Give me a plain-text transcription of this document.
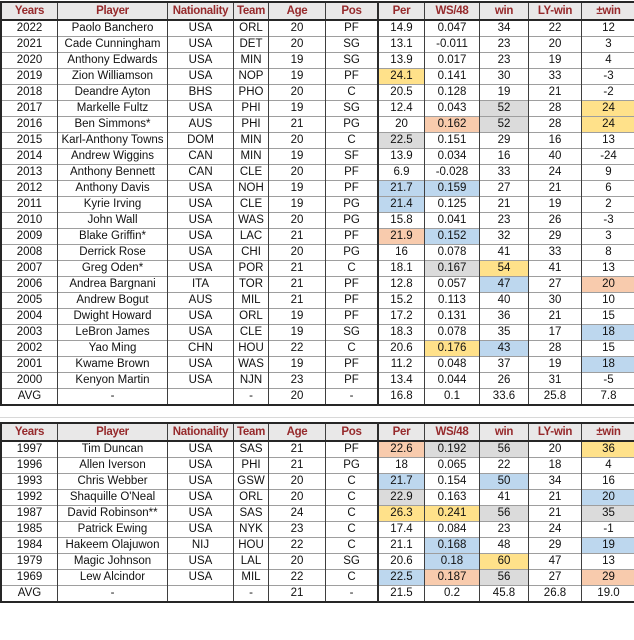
Years	Player	Nationality	Team	Age	Pos	Per	WS/48	win	LY-win	±win
2022	Paolo Banchero	USA	ORL	20	PF	14.9	0.047	34	22	12
2021	Cade Cunningham	USA	DET	20	SG	13.1	-0.011	23	20	3
2020	Anthony Edwards	USA	MIN	19	SG	13.9	0.017	23	19	4
2019	Zion Williamson	USA	NOP	19	PF	24.1	0.141	30	33	-3
2018	Deandre Ayton	BHS	PHO	20	C	20.5	0.128	19	21	-2
2017	Markelle Fultz	USA	PHI	19	SG	12.4	0.043	52	28	24
2016	Ben Simmons*	AUS	PHI	21	PG	20	0.162	52	28	24
2015	Karl-Anthony Towns	DOM	MIN	20	C	22.5	0.151	29	16	13
2014	Andrew Wiggins	CAN	MIN	19	SF	13.9	0.034	16	40	-24
2013	Anthony Bennett	CAN	CLE	20	PF	6.9	-0.028	33	24	9
2012	Anthony Davis	USA	NOH	19	PF	21.7	0.159	27	21	6
2011	Kyrie Irving	USA	CLE	19	PG	21.4	0.125	21	19	2
2010	John Wall	USA	WAS	20	PG	15.8	0.041	23	26	-3
2009	Blake Griffin*	USA	LAC	21	PF	21.9	0.152	32	29	3
2008	Derrick Rose	USA	CHI	20	PG	16	0.078	41	33	8
2007	Greg Oden*	USA	POR	21	C	18.1	0.167	54	41	13
2006	Andrea Bargnani	ITA	TOR	21	PF	12.8	0.057	47	27	20
2005	Andrew Bogut	AUS	MIL	21	PF	15.2	0.113	40	30	10
2004	Dwight Howard	USA	ORL	19	PF	17.2	0.131	36	21	15
2003	LeBron James	USA	CLE	19	SG	18.3	0.078	35	17	18
2002	Yao Ming	CHN	HOU	22	C	20.6	0.176	43	28	15
2001	Kwame Brown	USA	WAS	19	PF	11.2	0.048	37	19	18
2000	Kenyon Martin	USA	NJN	23	PF	13.4	0.044	26	31	-5
AVG	-		-	20	-	16.8	0.1	33.6	25.8	7.8
Years	Player	Nationality	Team	Age	Pos	Per	WS/48	win	LY-win	±win
1997	Tim Duncan	USA	SAS	21	PF	22.6	0.192	56	20	36
1996	Allen Iverson	USA	PHI	21	PG	18	0.065	22	18	4
1993	Chris Webber	USA	GSW	20	C	21.7	0.154	50	34	16
1992	Shaquille O'Neal	USA	ORL	20	C	22.9	0.163	41	21	20
1987	David Robinson**	USA	SAS	24	C	26.3	0.241	56	21	35
1985	Patrick Ewing	USA	NYK	23	C	17.4	0.084	23	24	-1
1984	Hakeem Olajuwon	NIJ	HOU	22	C	21.1	0.168	48	29	19
1979	Magic Johnson	USA	LAL	20	SG	20.6	0.18	60	47	13
1969	Lew Alcindor	USA	MIL	22	C	22.5	0.187	56	27	29
AVG	-		-	21	-	21.5	0.2	45.8	26.8	19.0
